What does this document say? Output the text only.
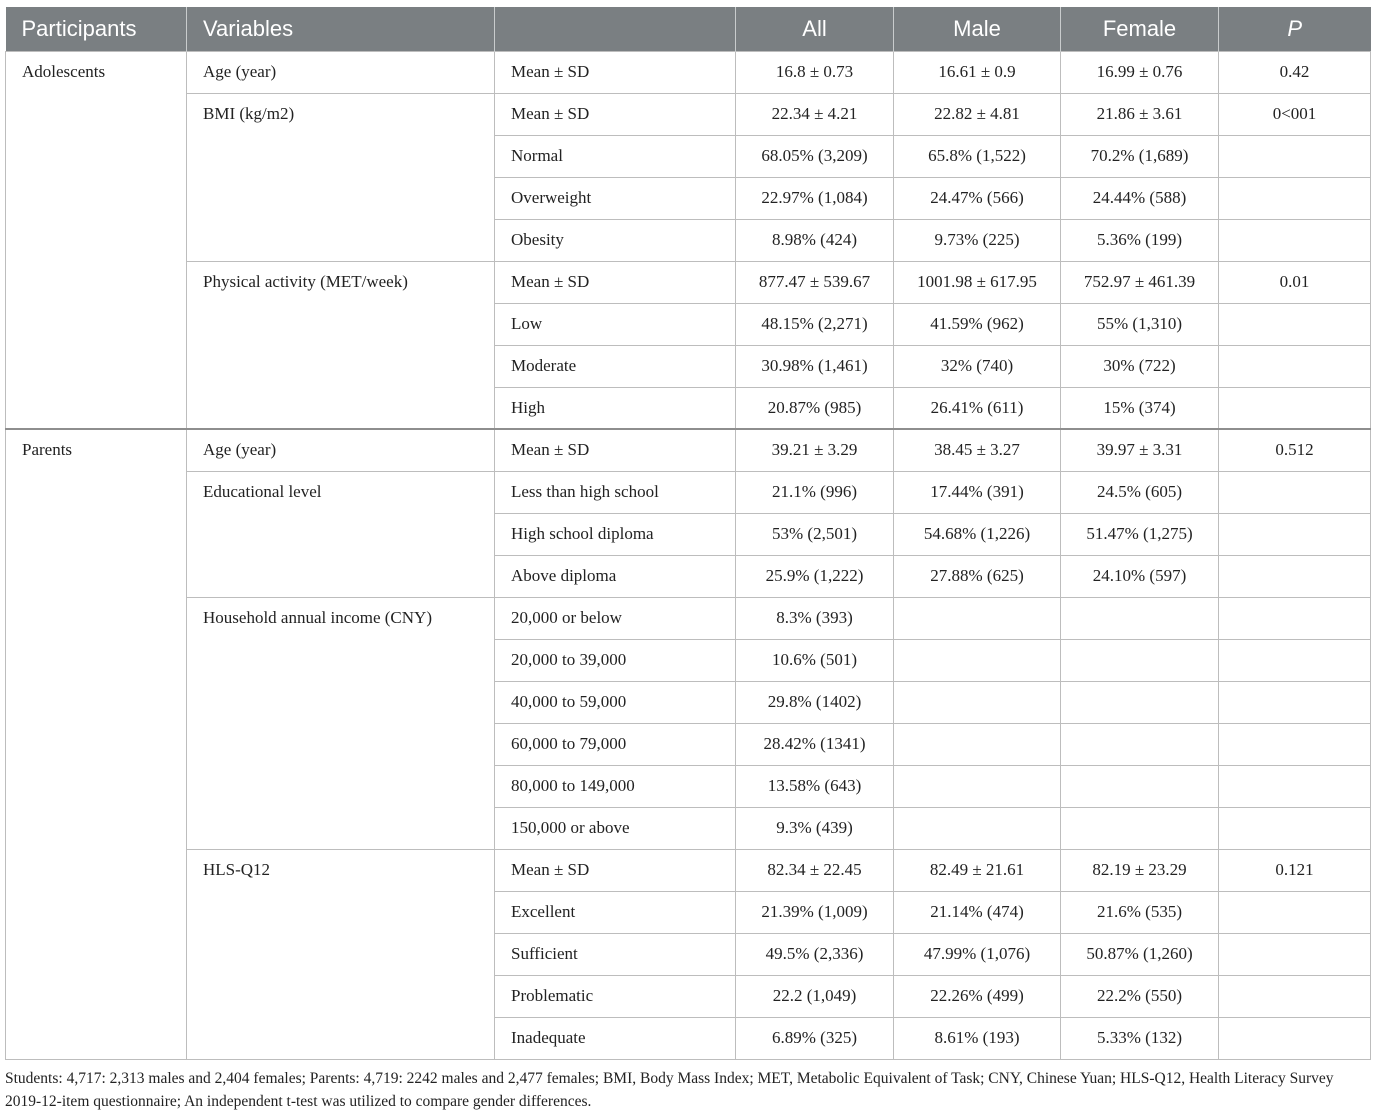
Participants	Variables		All	Male	Female	P
Adolescents	Age (year)	Mean ± SD	16.8 ± 0.73	16.61 ± 0.9	16.99 ± 0.76	0.42
	BMI (kg/m2)	Mean ± SD	22.34 ± 4.21	22.82 ± 4.81	21.86 ± 3.61	0<001
		Normal	68.05% (3,209)	65.8% (1,522)	70.2% (1,689)	
		Overweight	22.97% (1,084)	24.47% (566)	24.44% (588)	
		Obesity	8.98% (424)	9.73% (225)	5.36% (199)	
	Physical activity (MET/week)	Mean ± SD	877.47 ± 539.67	1001.98 ± 617.95	752.97 ± 461.39	0.01
		Low	48.15% (2,271)	41.59% (962)	55% (1,310)	
		Moderate	30.98% (1,461)	32% (740)	30% (722)	
		High	20.87% (985)	26.41% (611)	15% (374)	
Parents	Age (year)	Mean ± SD	39.21 ± 3.29	38.45 ± 3.27	39.97 ± 3.31	0.512
	Educational level	Less than high school	21.1% (996)	17.44% (391)	24.5% (605)	
		High school diploma	53% (2,501)	54.68% (1,226)	51.47% (1,275)	
		Above diploma	25.9% (1,222)	27.88% (625)	24.10% (597)	
	Household annual income (CNY)	20,000 or below	8.3% (393)			
		20,000 to 39,000	10.6% (501)			
		40,000 to 59,000	29.8% (1402)			
		60,000 to 79,000	28.42% (1341)			
		80,000 to 149,000	13.58% (643)			
		150,000 or above	9.3% (439)			
	HLS-Q12	Mean ± SD	82.34 ± 22.45	82.49 ± 21.61	82.19 ± 23.29	0.121
		Excellent	21.39% (1,009)	21.14% (474)	21.6% (535)	
		Sufficient	49.5% (2,336)	47.99% (1,076)	50.87% (1,260)	
		Problematic	22.2 (1,049)	22.26% (499)	22.2% (550)	
		Inadequate	6.89% (325)	8.61% (193)	5.33% (132)	
Students: 4,717: 2,313 males and 2,404 females; Parents: 4,719: 2242 males and 2,477 females; BMI, Body Mass Index; MET, Metabolic Equivalent of Task; CNY, Chinese Yuan; HLS-Q12, Health Literacy Survey 2019-12-item questionnaire; An independent t-test was utilized to compare gender differences.
